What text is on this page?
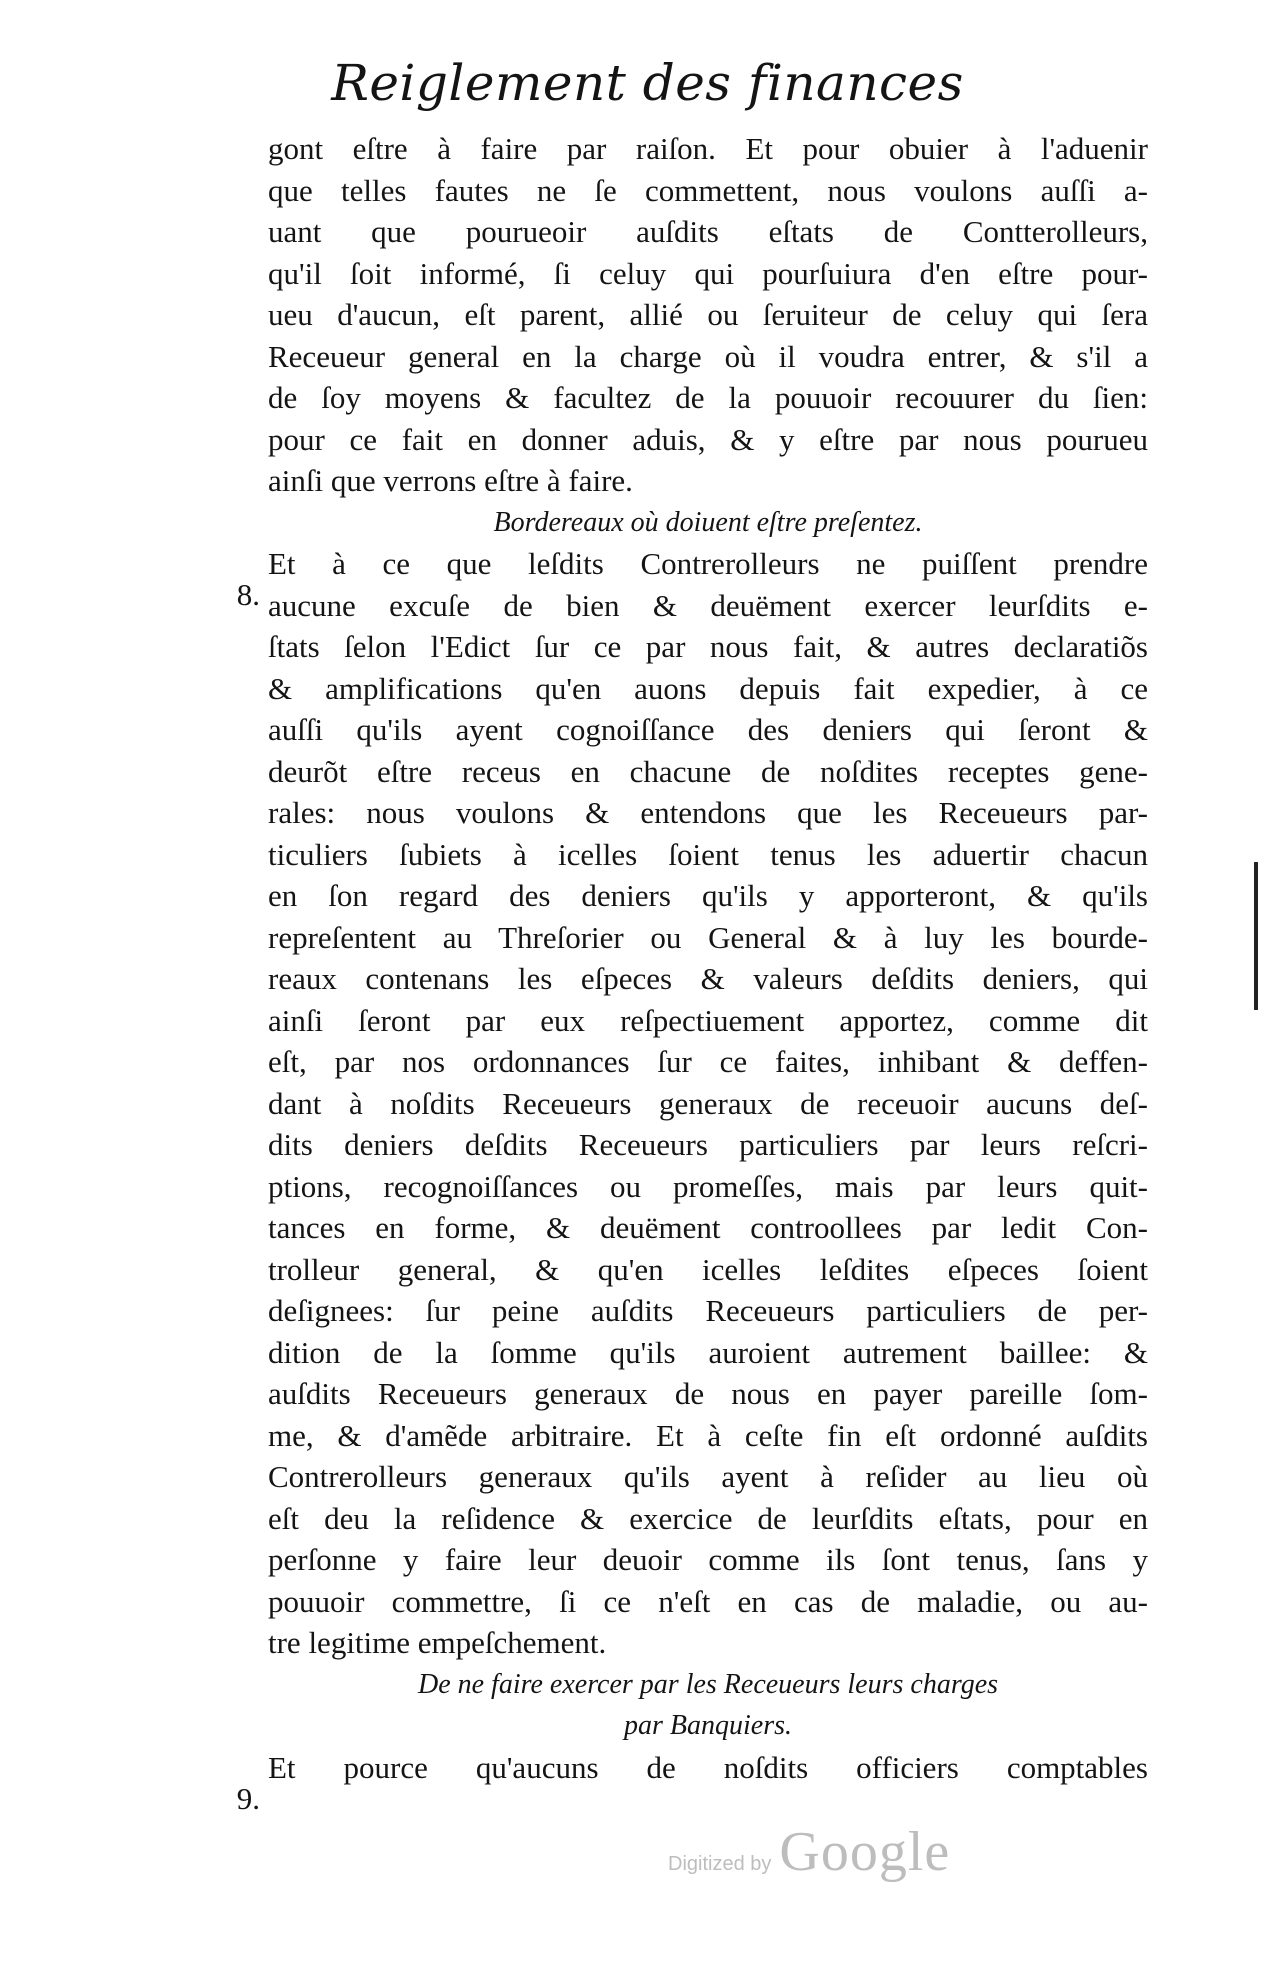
Reiglement des finances
gont eſtre à faire par raiſon. Et pour obuier à l'aduenir
que telles fautes ne ſe commettent, nous voulons auſſi a-
uant que pourueoir auſdits eſtats de Contterolleurs,
qu'il ſoit informé, ſi celuy qui pourſuiura d'en eſtre pour-
ueu d'aucun, eſt parent, allié ou ſeruiteur de celuy qui ſera
Receueur general en la charge où il voudra entrer, & s'il a
de ſoy moyens & facultez de la pouuoir recouurer du ſien:
pour ce fait en donner aduis, & y eſtre par nous pourueu
ainſi que verrons eſtre à faire.
Bordereaux où doiuent eſtre preſentez.
8.
Et à ce que leſdits Contrerolleurs ne puiſſent prendre
aucune excuſe de bien & deuëment exercer leurſdits e-
ſtats ſelon l'Edict ſur ce par nous fait, & autres declaratiõs
& amplifications qu'en auons depuis fait expedier, à ce
auſſi qu'ils ayent cognoiſſance des deniers qui ſeront &
deurõt eſtre receus en chacune de noſdites receptes gene-
rales: nous voulons & entendons que les Receueurs par-
ticuliers ſubiets à icelles ſoient tenus les aduertir chacun
en ſon regard des deniers qu'ils y apporteront, & qu'ils
repreſentent au Threſorier ou General & à luy les bourde-
reaux contenans les eſpeces & valeurs deſdits deniers, qui
ainſi ſeront par eux reſpectiuement apportez, comme dit
eſt, par nos ordonnances ſur ce faites, inhibant & deffen-
dant à noſdits Receueurs generaux de receuoir aucuns deſ-
dits deniers deſdits Receueurs particuliers par leurs reſcri-
ptions, recognoiſſances ou promeſſes, mais par leurs quit-
tances en forme, & deuëment controollees par ledit Con-
trolleur general, & qu'en icelles leſdites eſpeces ſoient
deſignees: ſur peine auſdits Receueurs particuliers de per-
dition de la ſomme qu'ils auroient autrement baillee: &
auſdits Receueurs generaux de nous en payer pareille ſom-
me, & d'amẽde arbitraire. Et à ceſte fin eſt ordonné auſdits
Contrerolleurs generaux qu'ils ayent à reſider au lieu où
eſt deu la reſidence & exercice de leurſdits eſtats, pour en
perſonne y faire leur deuoir comme ils ſont tenus, ſans y
pouuoir commettre, ſi ce n'eſt en cas de maladie, ou au-
tre legitime empeſchement.
De ne faire exercer par les Receueurs leurs charges
par Banquiers.
9.
Et pource qu'aucuns de noſdits officiers comptables
Digitized by Google
